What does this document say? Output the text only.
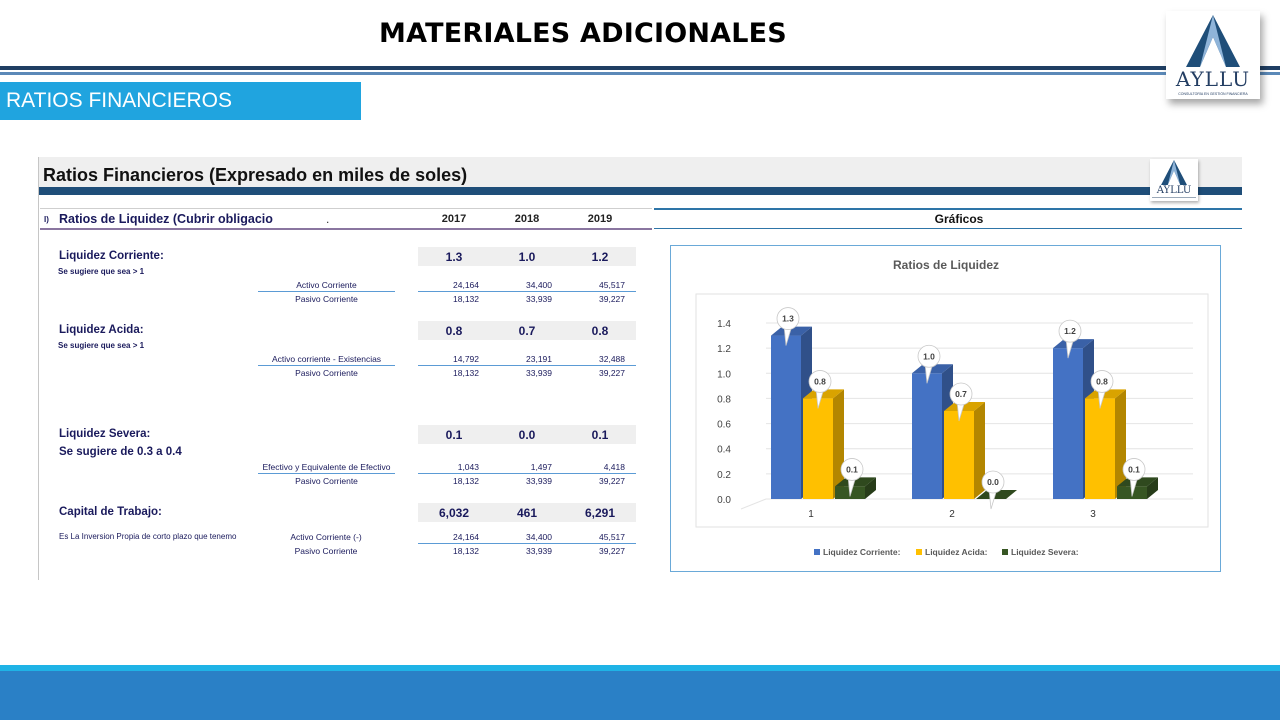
MATERIALES ADICIONALES
AYLLU
CONSULTORÍA EN GESTIÓN FINANCIERA
RATIOS FINANCIEROS
Ratios Financieros (Expresado en miles de soles)
AYLLU
I) Ratios de Liquidez (Cubrir obligacio	.	2017	2018	2019	Gráficos
Liquidez Corriente:
Se sugiere que sea > 1
1.3	1.0	1.2
Activo Corriente	24,164	34,400	45,517
Pasivo Corriente	18,132	33,939	39,227
Liquidez Acida:
Se sugiere que sea > 1
0.8	0.7	0.8
Activo corriente - Existencias	14,792	23,191	32,488
Pasivo Corriente	18,132	33,939	39,227
Liquidez Severa:
Se sugiere de 0.3 a 0.4
0.1	0.0	0.1
Efectivo y Equivalente de Efectivo	1,043	1,497	4,418
Pasivo Corriente	18,132	33,939	39,227
Capital de Trabajo:	6,032	461	6,291
Es La Inversion Propia de corto plazo que tenemo	Activo Corriente (-)	24,164	34,400	45,517
Pasivo Corriente	18,132	33,939	39,227
Ratios de Liquidez
0.0
0.2
0.4
0.6
0.8
1.0
1.2
1.4
1.3
0.8
0.1
1.0
0.7
0.0
1.2
0.8
0.1
1	2	3
Liquidez Corriente:	Liquidez Acida:	Liquidez Severa:
